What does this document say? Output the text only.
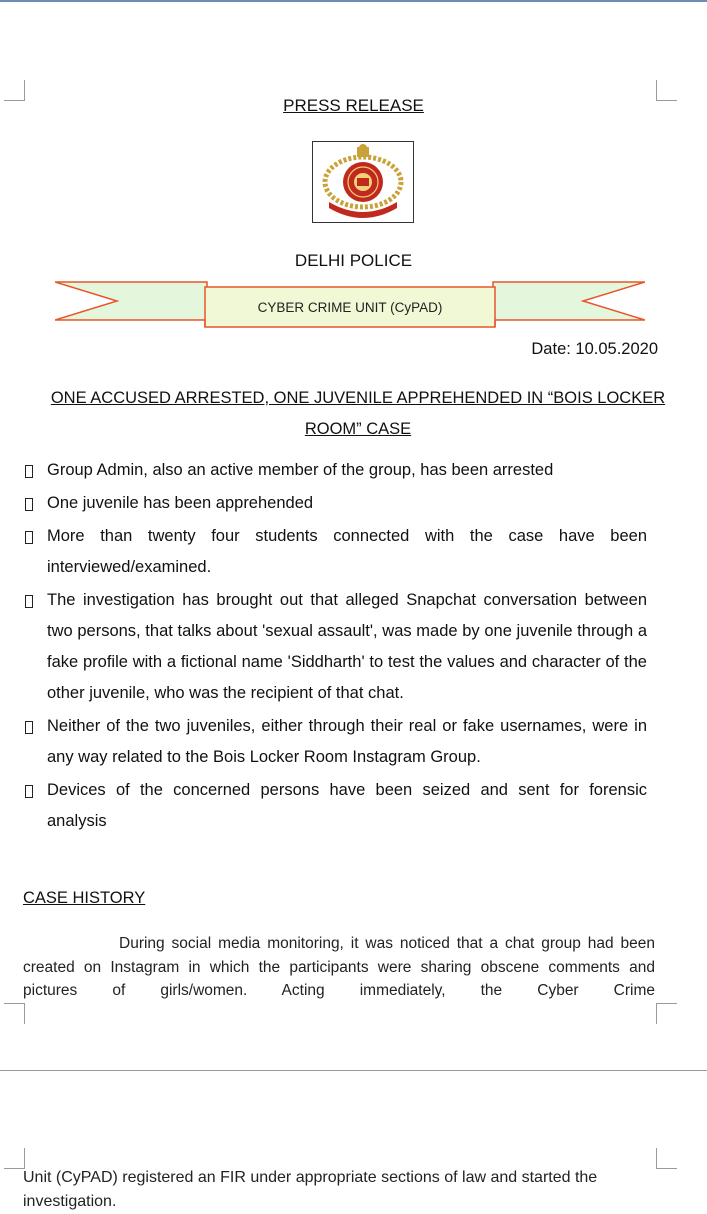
PRESS RELEASE
DELHI POLICE
CYBER CRIME UNIT (CyPAD)
Date: 10.05.2020
ONE ACCUSED ARRESTED, ONE JUVENILE APPREHENDED IN “BOIS LOCKER
ROOM” CASE
Group Admin, also an active member of the group, has been arrested
One juvenile has been apprehended
More than twenty four students connected with the case have been interviewed/examined.
The investigation has brought out that alleged Snapchat conversation between two persons, that talks about 'sexual assault', was made by one juvenile through a fake profile with a fictional name 'Siddharth' to test the values and character of the other juvenile, who was the recipient of that chat.
Neither of the two juveniles, either through their real or fake usernames, were in any way related to the Bois Locker Room Instagram Group.
Devices of the concerned persons have been seized and sent for forensic analysis
CASE HISTORY
During social media monitoring, it was noticed that a chat group had been created on Instagram in which the participants were sharing obscene comments and pictures of girls/women. Acting immediately, the Cyber Crime
Unit (CyPAD) registered an FIR under appropriate sections of law and started the investigation.
